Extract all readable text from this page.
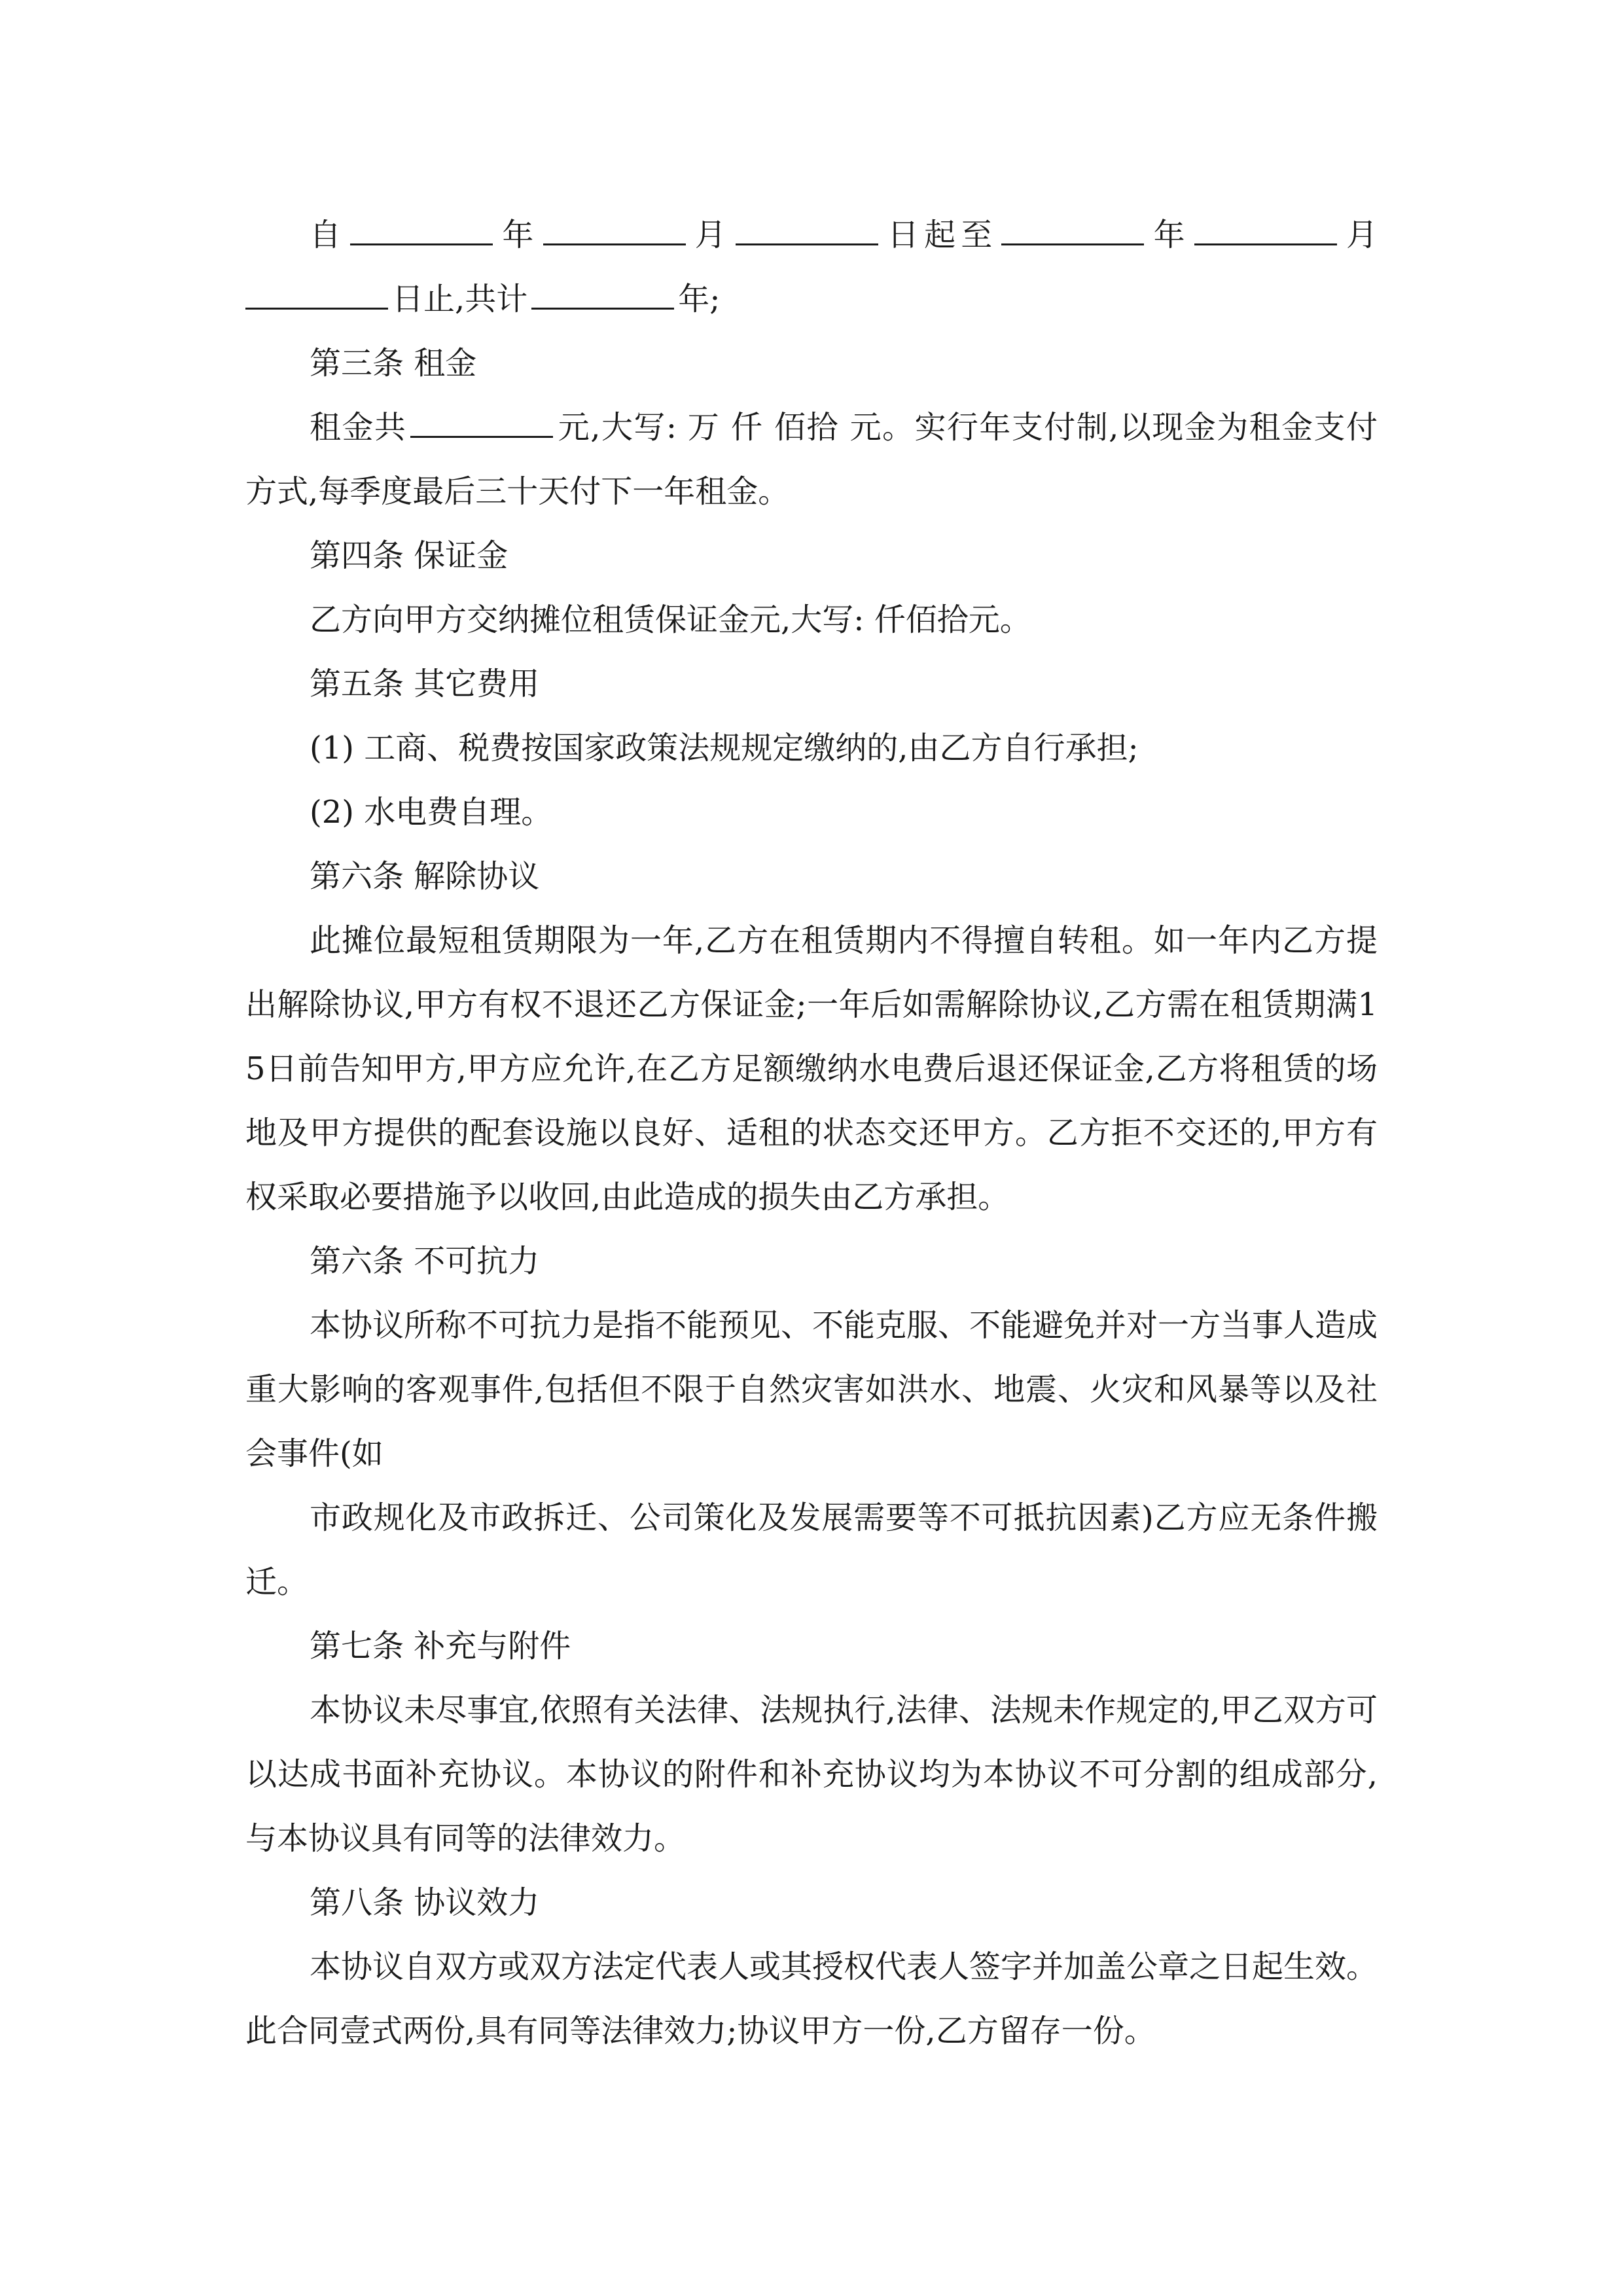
自	年	月	日起至	年	月日止,共计	年;

第三条 租金

租金共	元,大写: 万 仟 佰拾 元。实行年支付制,以现金为租金支付方式,每季度最后三十天付下一年租金。

第四条 保证金

乙方向甲方交纳摊位租赁保证金元,大写: 仟佰拾元。

第五条 其它费用

(1) 工商、税费按国家政策法规规定缴纳的,由乙方自行承担;

(2) 水电费自理。

第六条 解除协议

此摊位最短租赁期限为一年,乙方在租赁期内不得擅自转租。如一年内乙方提出解除协议,甲方有权不退还乙方保证金;一年后如需解除协议,乙方需在租赁期满15日前告知甲方,甲方应允许,在乙方足额缴纳水电费后退还保证金,乙方将租赁的场地及甲方提供的配套设施以良好、适租的状态交还甲方。乙方拒不交还的,甲方有权采取必要措施予以收回,由此造成的损失由乙方承担。

第六条 不可抗力

本协议所称不可抗力是指不能预见、不能克服、不能避免并对一方当事人造成重大影响的客观事件,包括但不限于自然灾害如洪水、地震、火灾和风暴等以及社会事件(如

市政规化及市政拆迁、公司策化及发展需要等不可抵抗因素)乙方应无条件搬迁。

第七条 补充与附件

本协议未尽事宜,依照有关法律、法规执行,法律、法规未作规定的,甲乙双方可以达成书面补充协议。本协议的附件和补充协议均为本协议不可分割的组成部分,与本协议具有同等的法律效力。

第八条 协议效力

本协议自双方或双方法定代表人或其授权代表人签字并加盖公章之日起生效。此合同壹式两份,具有同等法律效力;协议甲方一份,乙方留存一份。
